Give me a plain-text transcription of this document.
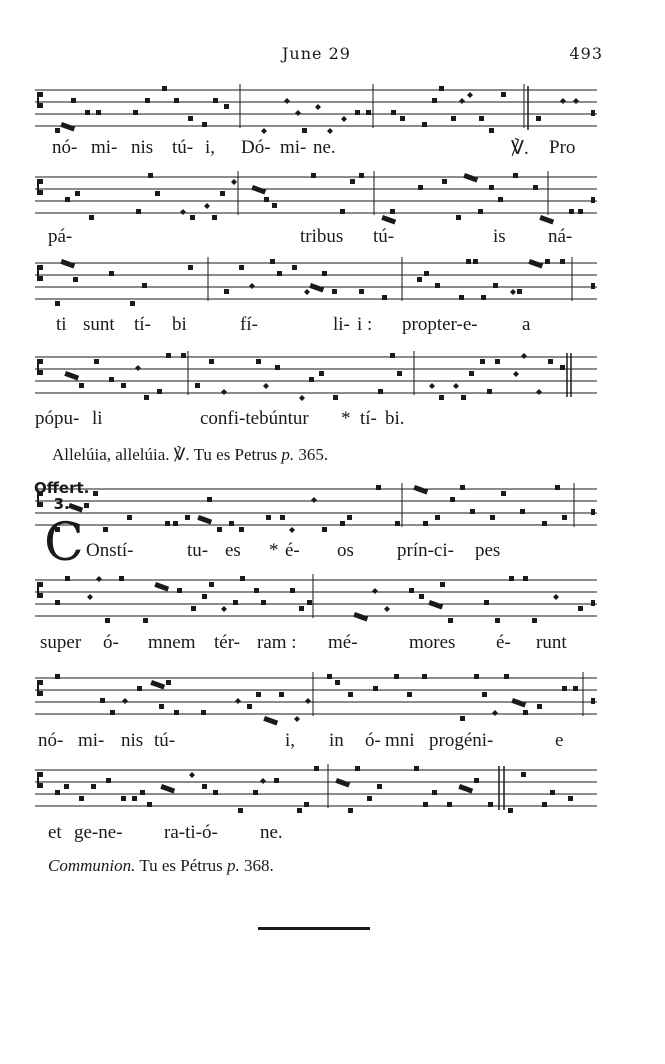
June 29	493
nó- mi- nis tú- i, Dó- mi- ne.	℣. Pro
pá-	tribus tú-	is ná-
ti sunt tí- bi	fí-	li- i : propter-e- a
pópu- li	confi-tebúntur * tí- bi.
Onstí-	tu- es * é- os prín-ci- pes
super ó- mnem tér- ram : mé-	mores é- runt
nó- mi- nis tú-	i, in ó- mni progéni-	e
et ge-ne- ra-ti-ó- ne.
Allelúia, allelúia. ℣. Tu es Petrus p. 365.
Offert.
3.
C
Communion. Tu es Pétrus p. 368.
